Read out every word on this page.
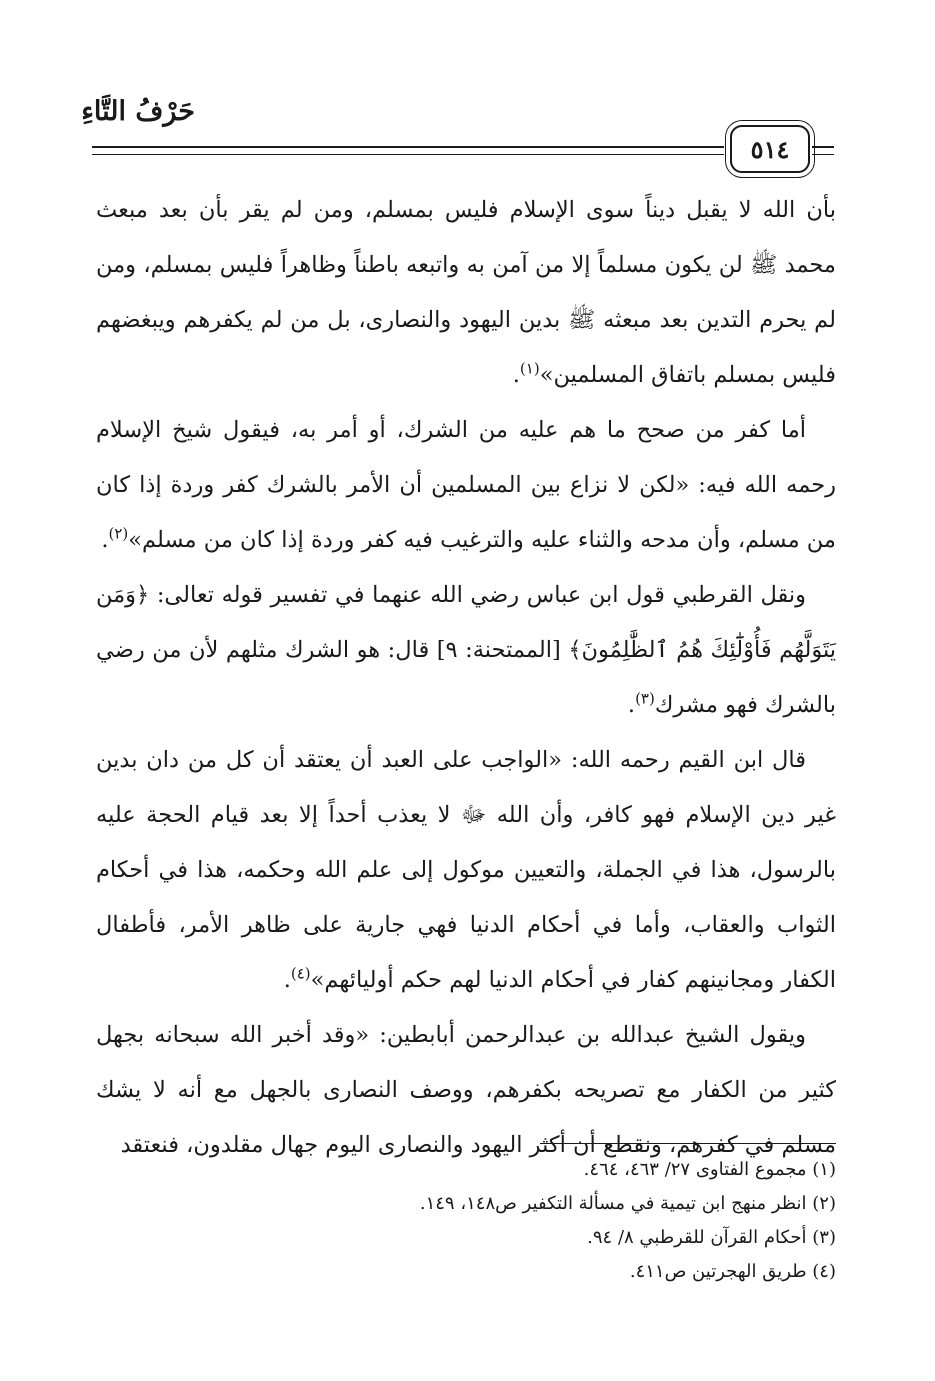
حَرْفُ التَّاءِ
٥١٤

بأن الله لا يقبل ديناً سوى الإسلام فليس بمسلم، ومن لم يقر بأن بعد مبعث محمد ﷺ لن يكون مسلماً إلا من آمن به واتبعه باطناً وظاهراً فليس بمسلم، ومن لم يحرم التدين بعد مبعثه ﷺ بدين اليهود والنصارى، بل من لم يكفرهم ويبغضهم فليس بمسلم باتفاق المسلمين»$^{(١)}$.

أما كفر من صحح ما هم عليه من الشرك، أو أمر به، فيقول شيخ الإسلام رحمه الله فيه: «لكن لا نزاع بين المسلمين أن الأمر بالشرك كفر وردة إذا كان من مسلم، وأن مدحه والثناء عليه والترغيب فيه كفر وردة إذا كان من مسلم»$^{(٢)}$.

ونقل القرطبي قول ابن عباس رضي الله عنهما في تفسير قوله تعالى: ﴿وَمَن يَتَوَلَّهُم فَأُوْلَٰٓئِكَ هُمُ ٱلظَّٰلِمُونَ﴾ [الممتحنة: ٩] قال: هو الشرك مثلهم لأن من رضي بالشرك فهو مشرك$^{(٣)}$.

قال ابن القيم رحمه الله: «الواجب على العبد أن يعتقد أن كل من دان بدين غير دين الإسلام فهو كافر، وأن الله ﷻ لا يعذب أحداً إلا بعد قيام الحجة عليه بالرسول، هذا في الجملة، والتعيين موكول إلى علم الله وحكمه، هذا في أحكام الثواب والعقاب، وأما في أحكام الدنيا فهي جارية على ظاهر الأمر، فأطفال الكفار ومجانينهم كفار في أحكام الدنيا لهم حكم أوليائهم»$^{(٤)}$.

ويقول الشيخ عبدالله بن عبدالرحمن أبابطين: «وقد أخبر الله سبحانه بجهل كثير من الكفار مع تصريحه بكفرهم، ووصف النصارى بالجهل مع أنه لا يشك مسلم في كفرهم، ونقطع أن أكثر اليهود والنصارى اليوم جهال مقلدون، فنعتقد

(١) مجموع الفتاوى ٢٧/ ٤٦٣، ٤٦٤.
(٢) انظر منهج ابن تيمية في مسألة التكفير ص١٤٨، ١٤٩.
(٣) أحكام القرآن للقرطبي ٨/ ٩٤.
(٤) طريق الهجرتين ص٤١١.
